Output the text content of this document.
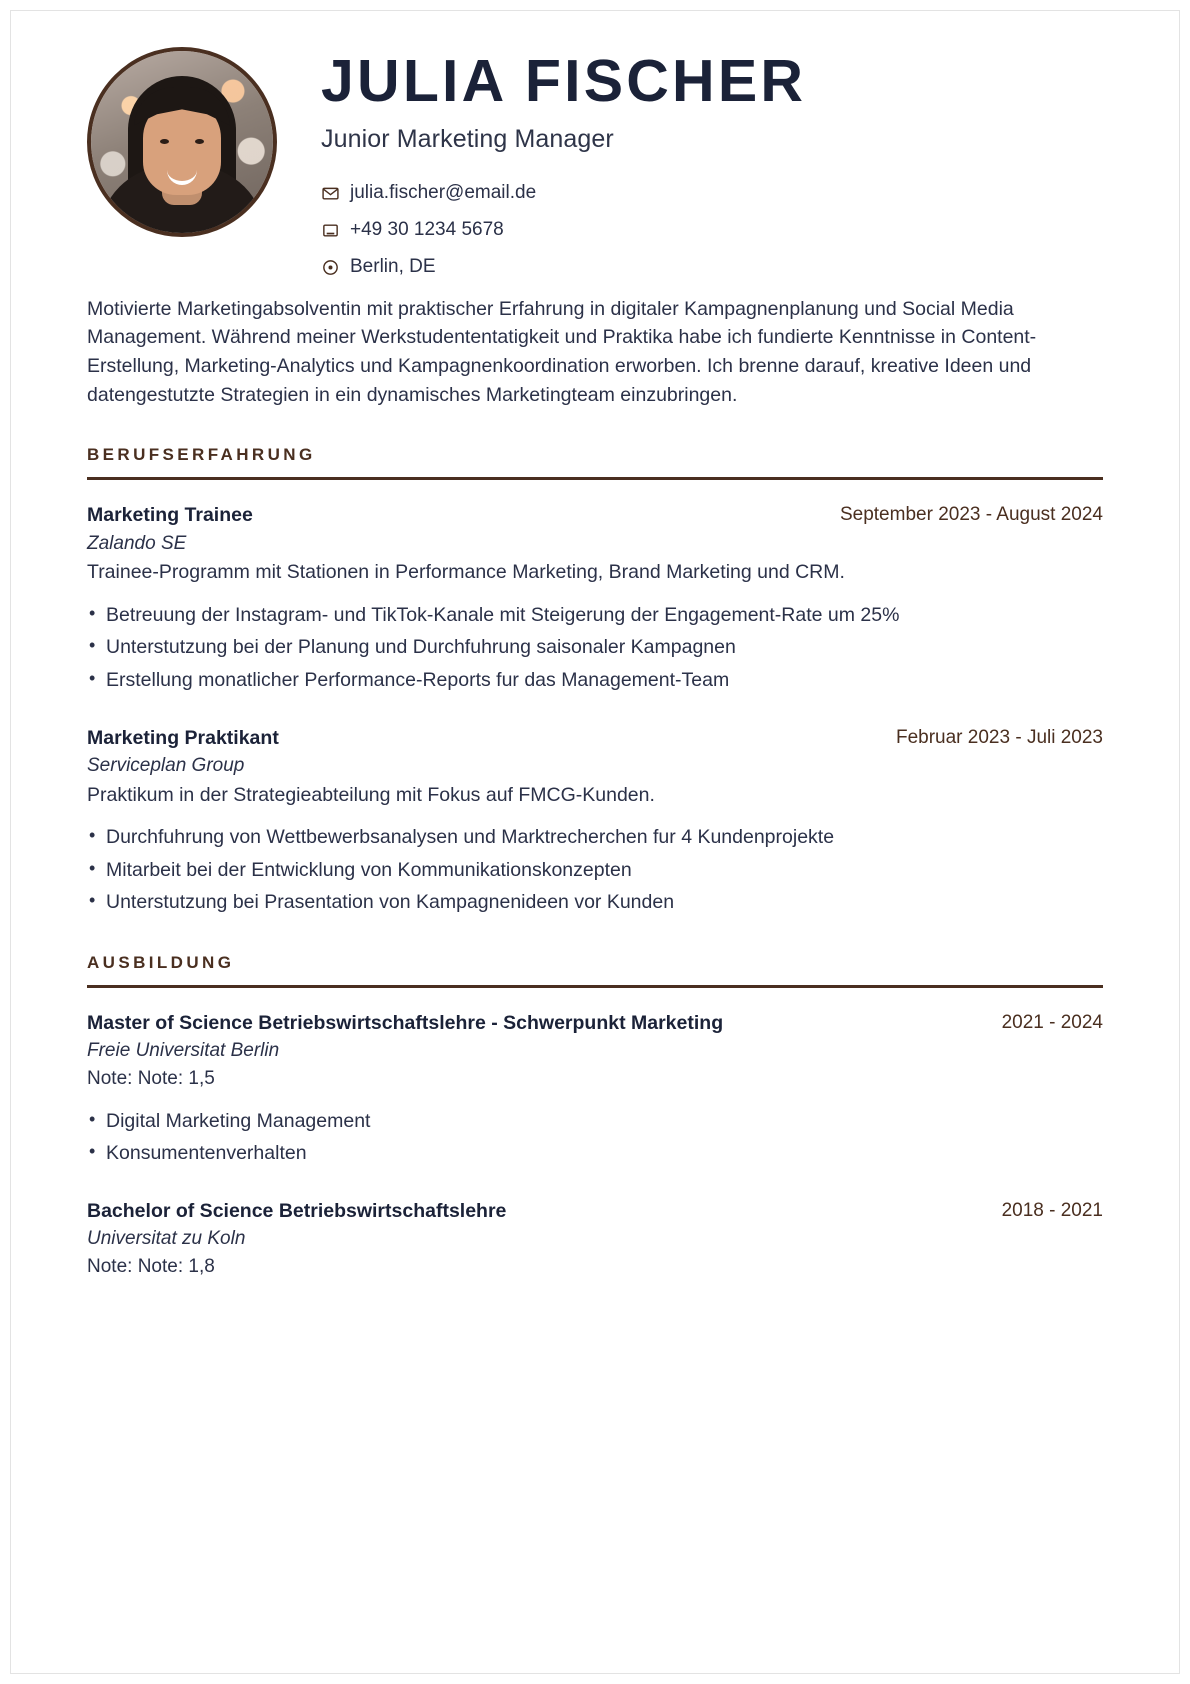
JULIA FISCHER
Junior Marketing Manager
julia.fischer@email.de
+49 30 1234 5678
Berlin, DE

Motivierte Marketingabsolventin mit praktischer Erfahrung in digitaler Kampagnenplanung und Social Media Management. Während meiner Werkstudententatigkeit und Praktika habe ich fundierte Kenntnisse in Content-Erstellung, Marketing-Analytics und Kampagnenkoordination erworben. Ich brenne darauf, kreative Ideen und datengestutzte Strategien in ein dynamisches Marketingteam einzubringen.

BERUFSERFAHRUNG
Marketing Trainee	September 2023 - August 2024
Zalando SE
Trainee-Programm mit Stationen in Performance Marketing, Brand Marketing und CRM.
• Betreuung der Instagram- und TikTok-Kanale mit Steigerung der Engagement-Rate um 25%
• Unterstutzung bei der Planung und Durchfuhrung saisonaler Kampagnen
• Erstellung monatlicher Performance-Reports fur das Management-Team
Marketing Praktikant	Februar 2023 - Juli 2023
Serviceplan Group
Praktikum in der Strategieabteilung mit Fokus auf FMCG-Kunden.
• Durchfuhrung von Wettbewerbsanalysen und Marktrecherchen fur 4 Kundenprojekte
• Mitarbeit bei der Entwicklung von Kommunikationskonzepten
• Unterstutzung bei Prasentation von Kampagnenideen vor Kunden
AUSBILDUNG
Master of Science Betriebswirtschaftslehre - Schwerpunkt Marketing	2021 - 2024
Freie Universitat Berlin
Note: Note: 1,5
• Digital Marketing Management
• Konsumentenverhalten
Bachelor of Science Betriebswirtschaftslehre	2018 - 2021
Universitat zu Koln
Note: Note: 1,8
